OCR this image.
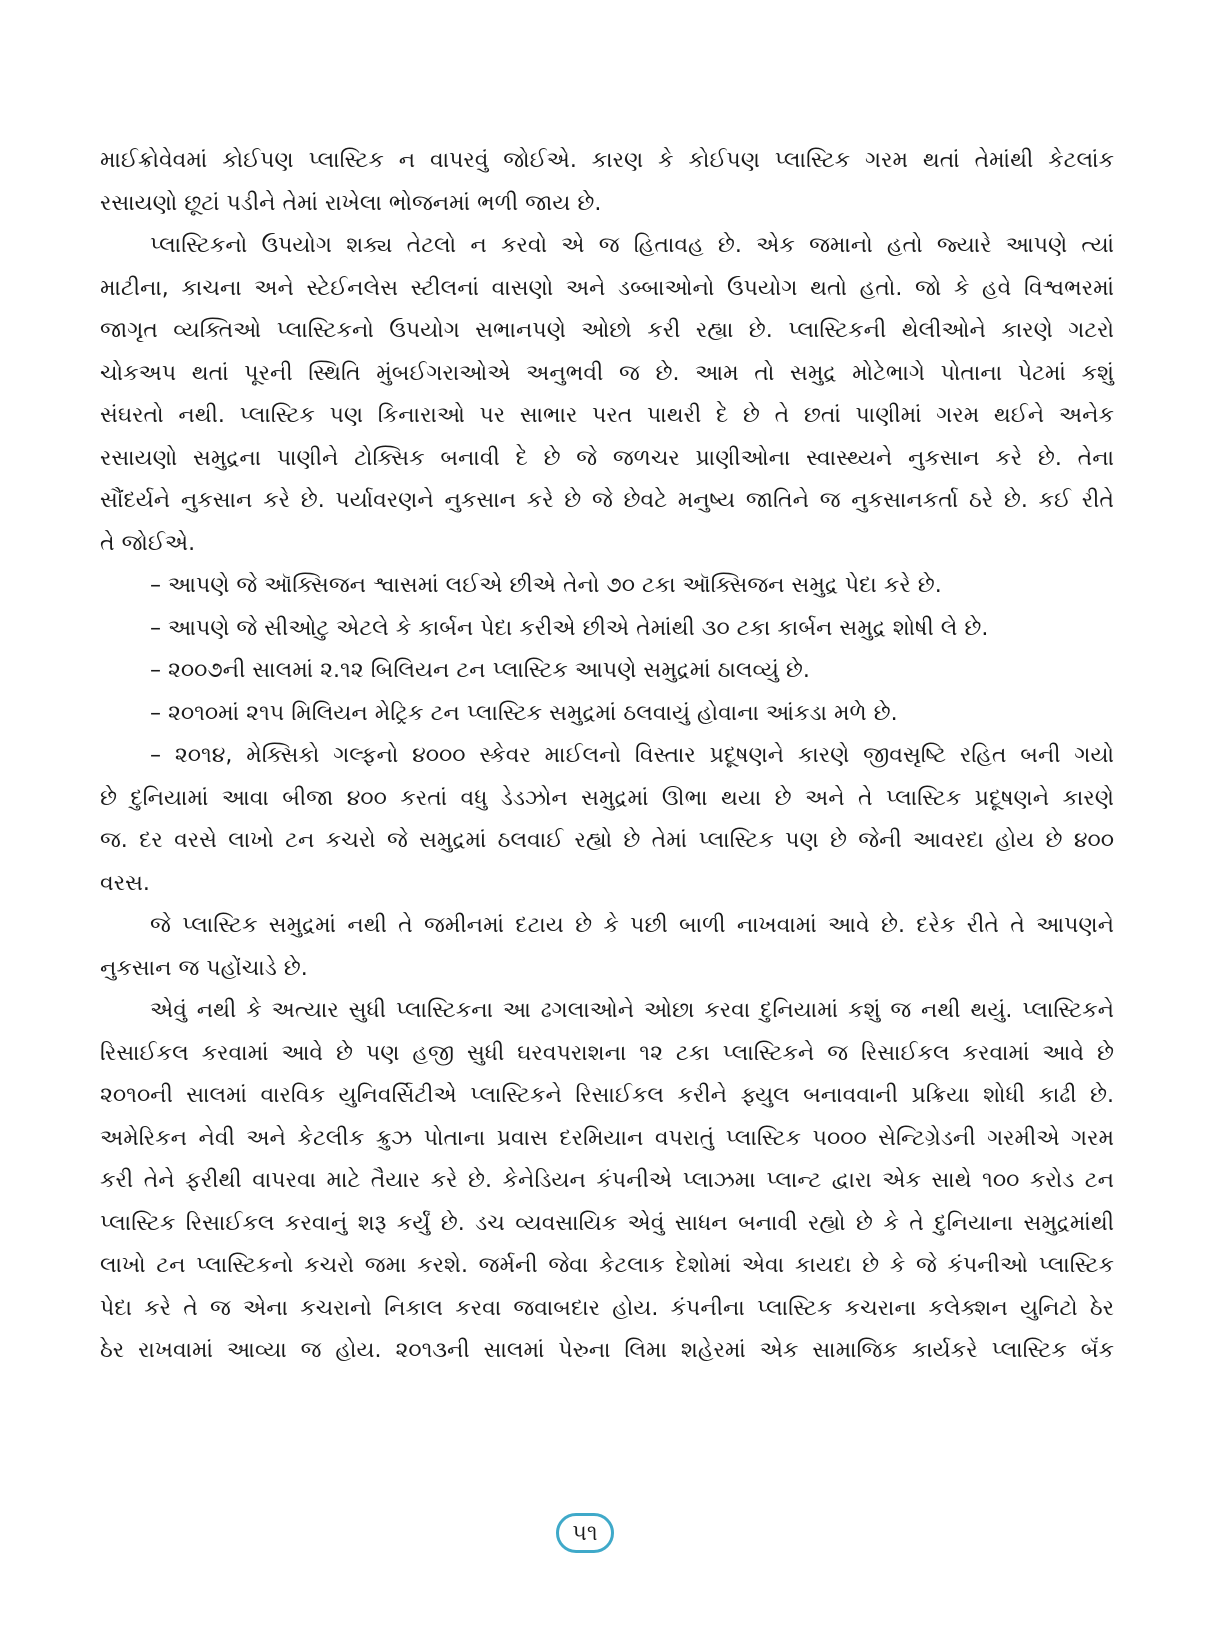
માઈક્રોવેવમાં કોઈપણ પ્લાસ્ટિક ન વાપરવું જોઈએ. કારણ કે કોઈપણ પ્લાસ્ટિક ગરમ થતાં તેમાંથી કેટલાંક
રસાયણો છૂટાં પડીને તેમાં રાખેલા ભોજનમાં ભળી જાય છે.
પ્લાસ્ટિકનો ઉપયોગ શક્ય તેટલો ન કરવો એ જ હિતાવહ છે. એક જમાનો હતો જ્યારે આપણે ત્યાં
માટીના, કાચના અને સ્ટેઈનલેસ સ્ટીલનાં વાસણો અને ડબ્બાઓનો ઉપયોગ થતો હતો. જો કે હવે વિશ્વભરમાં
જાગૃત વ્યક્તિઓ પ્લાસ્ટિકનો ઉપયોગ સભાનપણે ઓછો કરી રહ્યા છે. પ્લાસ્ટિકની થેલીઓને કારણે ગટરો
ચોકઅપ થતાં પૂરની સ્થિતિ મુંબઈગરાઓએ અનુભવી જ છે. આમ તો સમુદ્ર મોટેભાગે પોતાના પેટમાં કશું
સંઘરતો નથી. પ્લાસ્ટિક પણ કિનારાઓ પર સાભાર પરત પાથરી દે છે તે છતાં પાણીમાં ગરમ થઈને અનેક
રસાયણો સમુદ્રના પાણીને ટોક્સિક બનાવી દે છે જે જળચર પ્રાણીઓના સ્વાસ્થ્યને નુકસાન કરે છે. તેના
સૌંદર્યને નુકસાન કરે છે. પર્યાવરણને નુકસાન કરે છે જે છેવટે મનુષ્ય જાતિને જ નુકસાનકર્તા ઠરે છે. કઈ રીતે
તે જોઈએ.
– આપણે જે ઑક્સિજન શ્વાસમાં લઈએ છીએ તેનો ૭૦ ટકા ઑક્સિજન સમુદ્ર પેદા કરે છે.
– આપણે જે સીઓટુ એટલે કે કાર્બન પેદા કરીએ છીએ તેમાંથી ૩૦ ટકા કાર્બન સમુદ્ર શોષી લે છે.
– ૨૦૦૭ની સાલમાં ૨.૧૨ બિલિયન ટન પ્લાસ્ટિક આપણે સમુદ્રમાં ઠાલવ્યું છે.
– ૨૦૧૦માં ૨૧૫ મિલિયન મેટ્રિક ટન પ્લાસ્ટિક સમુદ્રમાં ઠલવાયું હોવાના આંકડા મળે છે.
– ૨૦૧૪, મેક્સિકો ગલ્ફનો ૪૦૦૦ સ્કેવર માઈલનો વિસ્તાર પ્રદૂષણને કારણે જીવસૃષ્ટિ રહિત બની ગયો
છે દુનિયામાં આવા બીજા ૪૦૦ કરતાં વધુ ડેડઝોન સમુદ્રમાં ઊભા થયા છે અને તે પ્લાસ્ટિક પ્રદૂષણને કારણે
જ. દર વરસે લાખો ટન કચરો જે સમુદ્રમાં ઠલવાઈ રહ્યો છે તેમાં પ્લાસ્ટિક પણ છે જેની આવરદા હોય છે ૪૦૦
વરસ.
જે પ્લાસ્ટિક સમુદ્રમાં નથી તે જમીનમાં દટાય છે કે પછી બાળી નાખવામાં આવે છે. દરેક રીતે તે આપણને
નુકસાન જ પહોંચાડે છે.
એવું નથી કે અત્યાર સુધી પ્લાસ્ટિકના આ ઢગલાઓને ઓછા કરવા દુનિયામાં કશું જ નથી થયું. પ્લાસ્ટિકને
રિસાઈકલ કરવામાં આવે છે પણ હજી સુધી ઘરવપરાશના ૧૨ ટકા પ્લાસ્ટિકને જ રિસાઈકલ કરવામાં આવે છે
૨૦૧૦ની સાલમાં વારવિક યુનિવર્સિટીએ પ્લાસ્ટિકને રિસાઈકલ કરીને ફ્યુલ બનાવવાની પ્રક્રિયા શોધી કાઢી છે.
અમેરિકન નેવી અને કેટલીક ક્રુઝ પોતાના પ્રવાસ દરમિયાન વપરાતું પ્લાસ્ટિક ૫૦૦૦ સેન્ટિગ્રેડની ગરમીએ ગરમ
કરી તેને ફરીથી વાપરવા માટે તૈયાર કરે છે. કેનેડિયન કંપનીએ પ્લાઝમા પ્લાન્ટ દ્વારા એક સાથે ૧૦૦ કરોડ ટન
પ્લાસ્ટિક રિસાઈકલ કરવાનું શરૂ કર્યું છે. ડચ વ્યવસાયિક એવું સાધન બનાવી રહ્યો છે કે તે દુનિયાના સમુદ્રમાંથી
લાખો ટન પ્લાસ્ટિકનો કચરો જમા કરશે. જર્મની જેવા કેટલાક દેશોમાં એવા કાયદા છે કે જે કંપનીઓ પ્લાસ્ટિક
પેદા કરે તે જ એના કચરાનો નિકાલ કરવા જવાબદાર હોય. કંપનીના પ્લાસ્ટિક કચરાના કલેક્શન યુનિટો ઠેર
ઠેર રાખવામાં આવ્યા જ હોય. ૨૦૧૩ની સાલમાં પેરુના લિમા શહેરમાં એક સામાજિક કાર્યકરે પ્લાસ્ટિક બૅંક
૫૧
